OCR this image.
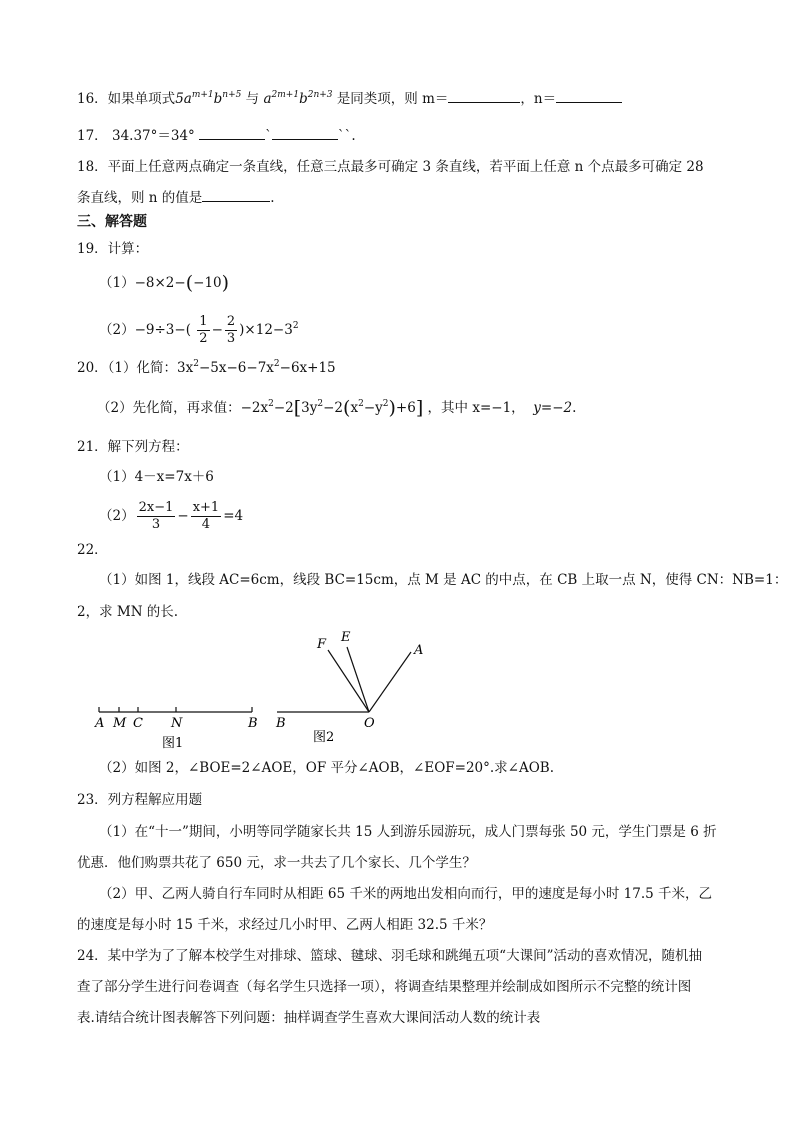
16．如果单项式$5a^{m+1}b^{n+5}$ 与 $a^{2m+1}b^{2n+3}$ 是同类项，则 m＝	，n＝
17． 34.37°＝34°	ˋ	ˋˋ.
18．平面上任意两点确定一条直线，任意三点最多可确定 3 条直线，若平面上任意 n 个点最多可确定 28
条直线，则 n 的值是	.
三、解答题
19．计算：
（1）−8×2−(−10)
$(2)-9\div 3-( \frac{1}{2} - \frac{2}{3} )\times 12-3^2$
20．（1）化简：$3x^2-5x-6-7x^2-6x+15$
（2）先化简，再求值：$-2x^2-2[3y^2-2(x^2-y^2)+6]$ ，其中 x=−1， y=−2.
21．解下列方程：
（1）4－x=7x＋6
$(2) \frac{2x-1}{3} - \frac{x+1}{4} =4$
22．
（1）如图 1，线段 AC=6cm，线段 BC=15cm，点 M 是 AC 的中点，在 CB 上取一点 N，使得 CN：NB=1：
2，求 MN 的长.
A M C N	B
图1
B	O
F E
A
图2
（2）如图 2，∠BOE=2∠AOE，OF 平分∠AOB，∠EOF=20°.求∠AOB.
23．列方程解应用题
（1）在“十一”期间，小明等同学随家长共 15 人到游乐园游玩，成人门票每张 50 元，学生门票是 6 折
优惠．他们购票共花了 650 元，求一共去了几个家长、几个学生？
（2）甲、乙两人骑自行车同时从相距 65 千米的两地出发相向而行，甲的速度是每小时 17.5 千米，乙
的速度是每小时 15 千米，求经过几小时甲、乙两人相距 32.5 千米？
24．某中学为了了解本校学生对排球、篮球、毽球、羽毛球和跳绳五项“大课间”活动的喜欢情况，随机抽
查了部分学生进行问卷调查（每名学生只选择一项），将调查结果整理并绘制成如图所示不完整的统计图
表.请结合统计图表解答下列问题：抽样调查学生喜欢大课间活动人数的统计表
